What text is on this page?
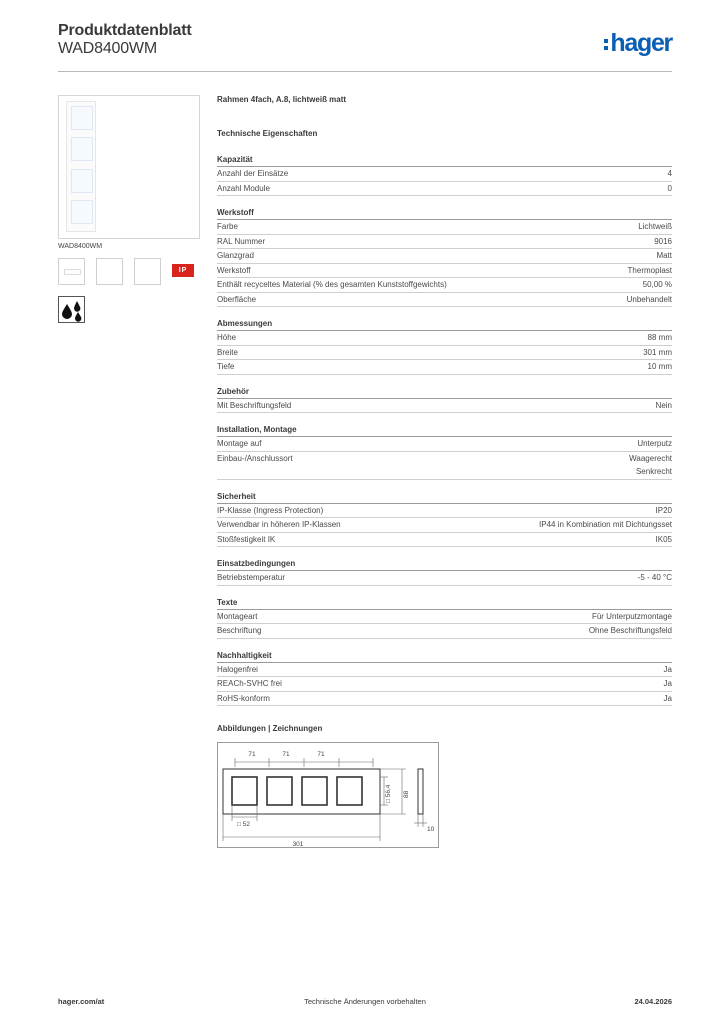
Produktdatenblatt
WAD8400WM	hager
WAD8400WM
IP
Rahmen 4fach, A.8, lichtweiß matt
Technische Eigenschaften
Kapazität
Anzahl der Einsätze	4
Anzahl Module	0
Werkstoff
Farbe	Lichtweiß
RAL Nummer	9016
Glanzgrad	Matt
Werkstoff	Thermoplast
Enthält recyceltes Material (% des gesamten Kunststoffgewichts)	50,00 %
Oberfläche	Unbehandelt
Abmessungen
Höhe	88 mm
Breite	301 mm
Tiefe	10 mm
Zubehör
Mit Beschriftungsfeld	Nein
Installation, Montage
Montage auf	Unterputz
Einbau-/Anschlussort	Waagerecht
Senkrecht
Sicherheit
IP-Klasse (Ingress Protection)	IP20
Verwendbar in höheren IP-Klassen	IP44 in Kombination mit Dichtungsset
Stoßfestigkeit IK	IK05
Einsatzbedingungen
Betriebstemperatur	-5 - 40 °C
Texte
Montageart	Für Unterputzmontage
Beschriftung	Ohne Beschriftungsfeld
Nachhaltigkeit
Halogenfrei	Ja
REACh-SVHC frei	Ja
RoHS-konform	Ja
Abbildungen | Zeichnungen
71	71	71
□ 52
301
10
□ 56,4 88
hager.com/at	Technische Änderungen vorbehalten	24.04.2026
